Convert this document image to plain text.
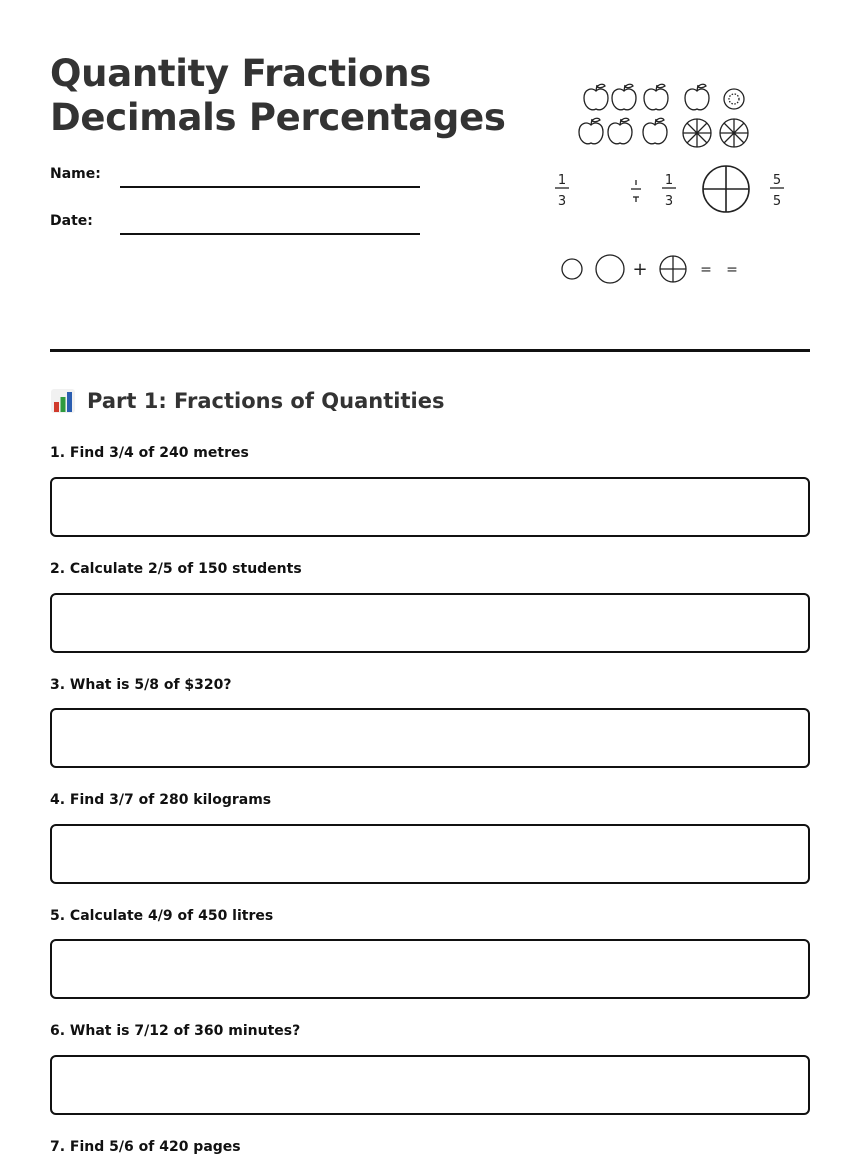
Quantity Fractions
Decimals Percentages
Name:
Date:
1
3
1
3
5
5
+	= =
Part 1: Fractions of Quantities
1. Find 3/4 of 240 metres
2. Calculate 2/5 of 150 students
3. What is 5/8 of $320?
4. Find 3/7 of 280 kilograms
5. Calculate 4/9 of 450 litres
6. What is 7/12 of 360 minutes?
7. Find 5/6 of 420 pages
